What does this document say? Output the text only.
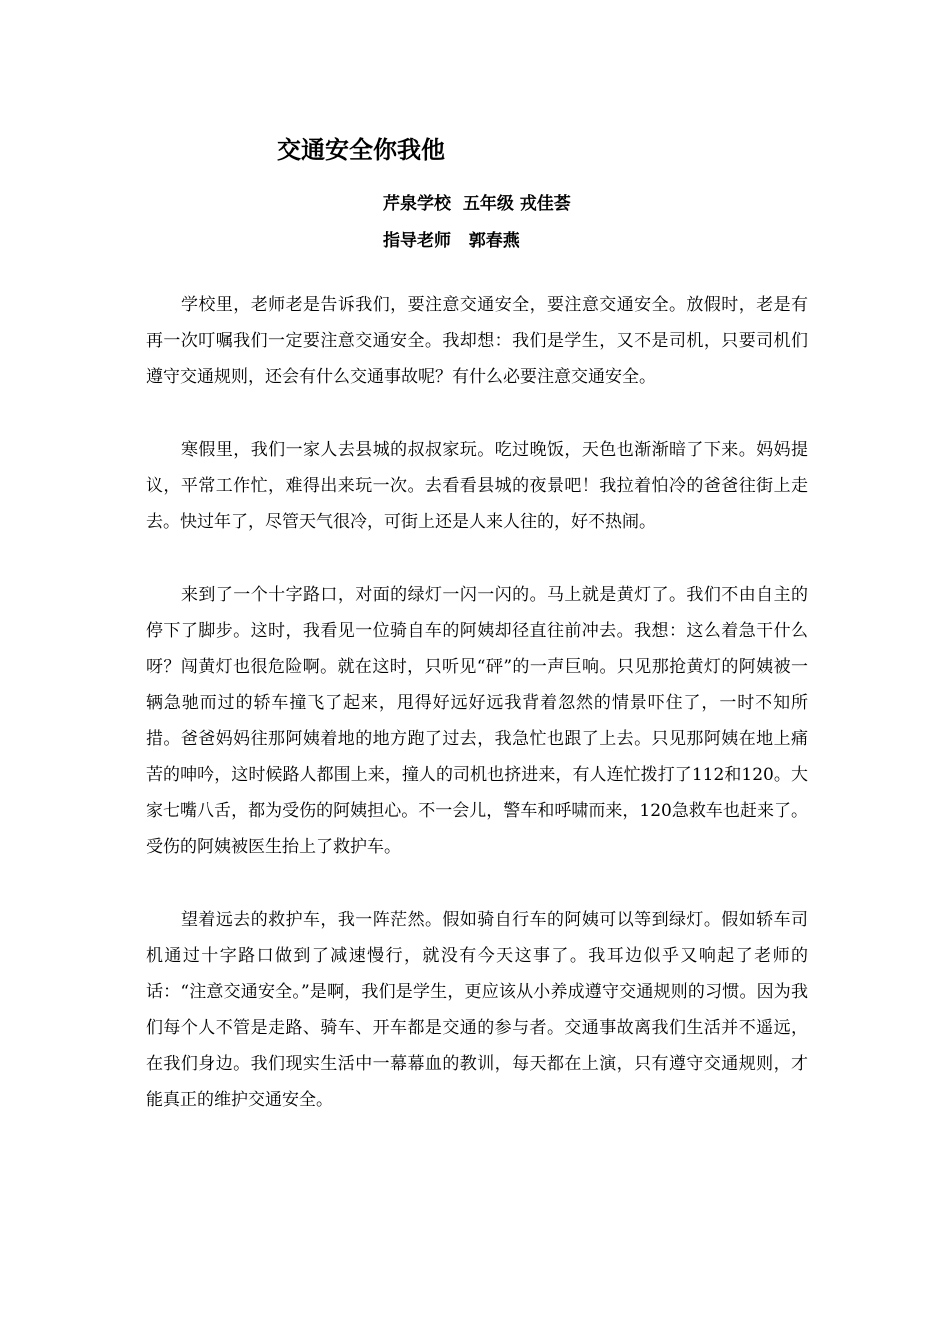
交通安全你我他

芹泉学校  五年级 戎佳荟

指导老师   郭春燕

学校里，老师老是告诉我们，要注意交通安全，要注意交通安全。放假时，老是有再一次叮嘱我们一定要注意交通安全。我却想：我们是学生，又不是司机，只要司机们遵守交通规则，还会有什么交通事故呢？有什么必要注意交通安全。

寒假里，我们一家人去县城的叔叔家玩。吃过晚饭，天色也渐渐暗了下来。妈妈提议，平常工作忙，难得出来玩一次。去看看县城的夜景吧！我拉着怕冷的爸爸往街上走去。快过年了，尽管天气很冷，可街上还是人来人往的，好不热闹。

来到了一个十字路口，对面的绿灯一闪一闪的。马上就是黄灯了。我们不由自主的停下了脚步。这时，我看见一位骑自车的阿姨却径直往前冲去。我想：这么着急干什么呀？闯黄灯也很危险啊。就在这时，只听见“砰”的一声巨响。只见那抢黄灯的阿姨被一辆急驰而过的轿车撞飞了起来，甩得好远好远我背着忽然的情景吓住了，一时不知所措。爸爸妈妈往那阿姨着地的地方跑了过去，我急忙也跟了上去。只见那阿姨在地上痛苦的呻吟，这时候路人都围上来，撞人的司机也挤进来，有人连忙拨打了112和120。大家七嘴八舌，都为受伤的阿姨担心。不一会儿，警车和呼啸而来，120急救车也赶来了。受伤的阿姨被医生抬上了救护车。

望着远去的救护车，我一阵茫然。假如骑自行车的阿姨可以等到绿灯。假如轿车司机通过十字路口做到了减速慢行，就没有今天这事了。我耳边似乎又响起了老师的话：“注意交通安全。”是啊，我们是学生，更应该从小养成遵守交通规则的习惯。因为我们每个人不管是走路、骑车、开车都是交通的参与者。交通事故离我们生活并不遥远，在我们身边。我们现实生活中一幕幕血的教训，每天都在上演，只有遵守交通规则，才能真正的维护交通安全。
